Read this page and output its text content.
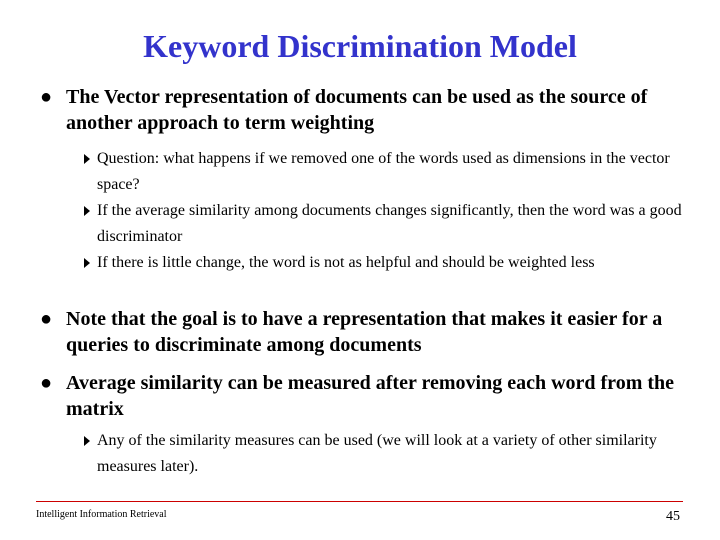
Keyword Discrimination Model
● The Vector representation of documents can be used as the source of another approach to term weighting
Question: what happens if we removed one of the words used as dimensions in the vector space?
If the average similarity among documents changes significantly, then the word was a good discriminator
If there is little change, the word is not as helpful and should be weighted less
● Note that the goal is to have a representation that makes it easier for a queries to discriminate among documents
● Average similarity can be measured after removing each word from the matrix
Any of the similarity measures can be used (we will look at a variety of other similarity measures later).
Intelligent Information Retrieval	45
